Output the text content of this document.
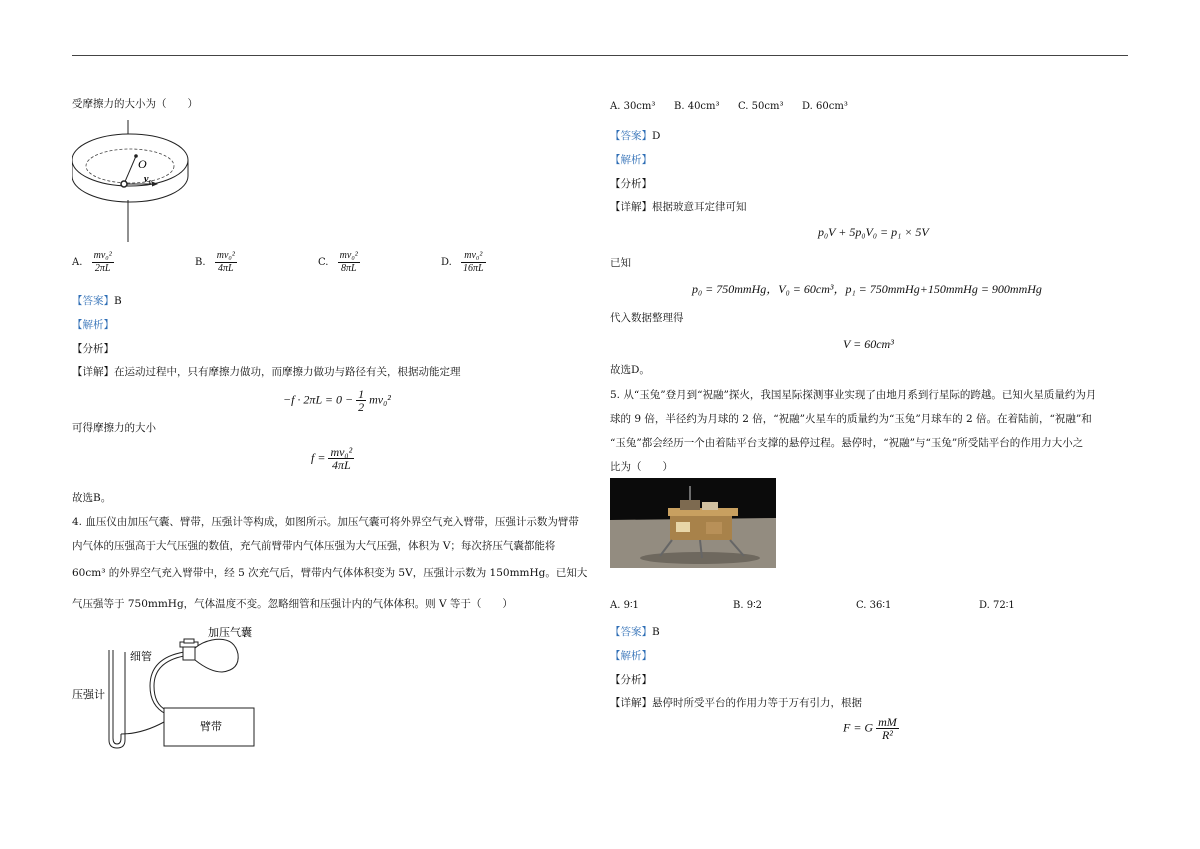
受摩擦力的大小为（　　）
O
v₀
A. $\frac{\text{mv₀²}}{2\pi L}$	B. $\frac{\text{mv₀²}}{4\pi L}$	C. $\frac{\text{mv₀²}}{8\pi L}$	D. $\frac{\text{mv₀²}}{16\pi L}$
【答案】B
【解析】
【分析】
【详解】在运动过程中，只有摩擦力做功，而摩擦力做功与路径有关，根据动能定理
$-f \cdot 2\pi L = 0 - \frac{1}{2} mv_0^2$
可得摩擦力的大小
$f = \frac{\text{mv₀²}}{4\pi L}$
故选B。
4. 血压仪由加压气囊、臂带，压强计等构成，如图所示。加压气囊可将外界空气充入臂带，压强计示数为臂带
内气体的压强高于大气压强的数值，充气前臂带内气体压强为大气压强，体积为 V；每次挤压气囊都能将
60cm³ 的外界空气充入臂带中，经 5 次充气后，臂带内气体体积变为 5V，压强计示数为 150mmHg。已知大
气压强等于 750mmHg，气体温度不变。忽略细管和压强计内的气体体积。则 V 等于（　　）
加压气囊
细管
压强计
臂带
A. 30cm³ B. 40cm³ C. 50cm³ D. 60cm³
【答案】D
【解析】
【分析】
【详解】根据玻意耳定律可知
p₀V + 5p₀V₀ = p₁ × 5V
已知
p₀ = 750mmHg，V₀ = 60cm³，p₁ = 750mmHg+150mmHg = 900mmHg
代入数据整理得
V = 60cm³
故选D。
5. 从“玉兔”登月到“祝融”探火，我国星际探测事业实现了由地月系到行星际的跨越。已知火星质量约为月
球的 9 倍，半径约为月球的 2 倍，“祝融”火星车的质量约为“玉兔”月球车的 2 倍。在着陆前，“祝融”和
“玉兔”都会经历一个由着陆平台支撑的悬停过程。悬停时，“祝融”与“玉兔”所受陆平台的作用力大小之
比为（　　）
A. 9∶1	B. 9∶2	C. 36∶1	D. 72∶1
【答案】B
【解析】
【分析】
【详解】悬停时所受平台的作用力等于万有引力，根据
F = G $\frac{mM}{\text{R²}}$
